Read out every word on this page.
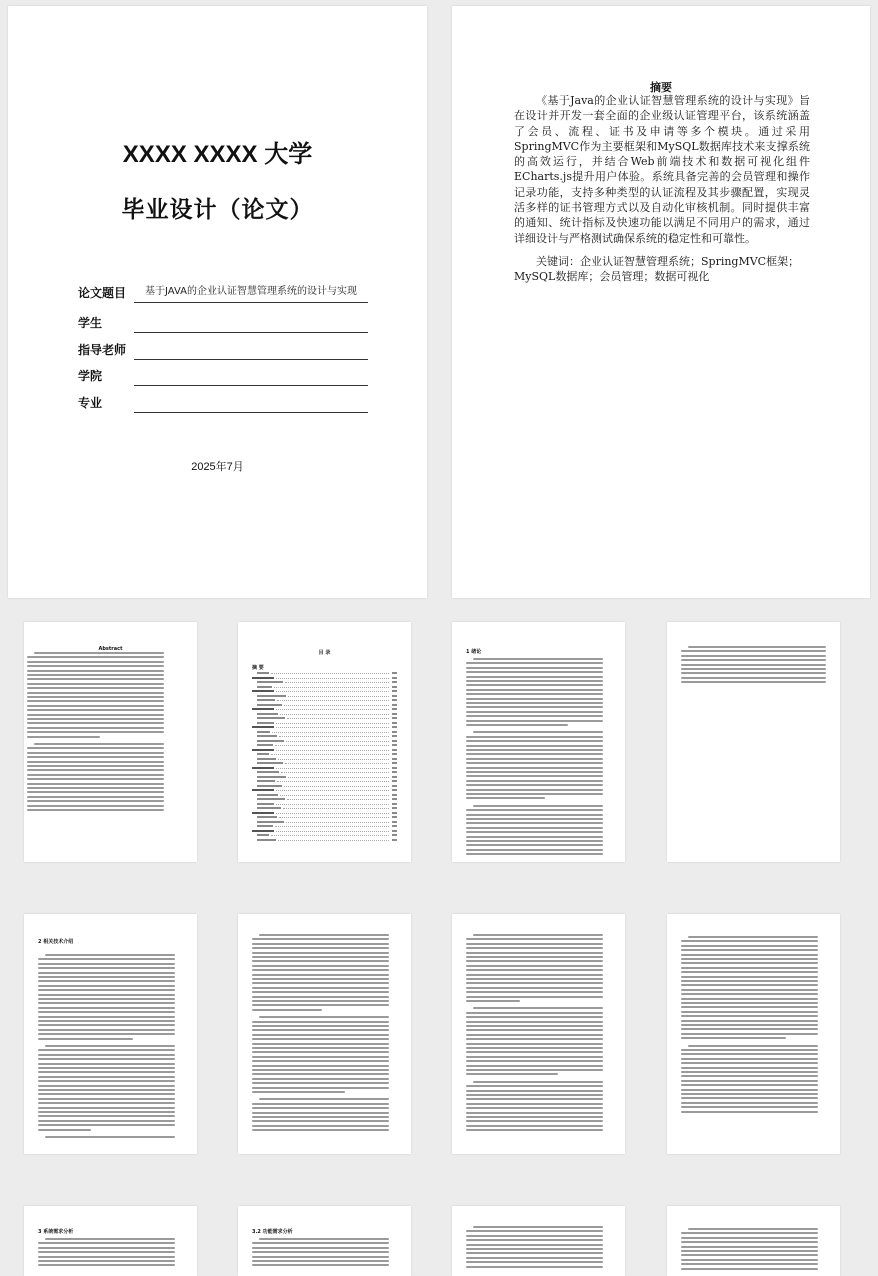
XXXX XXXX 大学
毕业设计（论文）
论文题目	基于JAVA的企业认证智慧管理系统的设计与实现
学生
指导老师
学院
专业
2025年7月
摘要

《基于Java的企业认证智慧管理系统的设计与实现》旨在设计并开发一套全面的企业级认证管理平台，该系统涵盖了会员、流程、证书及申请等多个模块。通过采用SpringMVC作为主要框架和MySQL数据库技术来支撑系统的高效运行，并结合Web前端技术和数据可视化组件ECharts.js提升用户体验。系统具备完善的会员管理和操作记录功能，支持多种类型的认证流程及其步骤配置，实现灵活多样的证书管理方式以及自动化审核机制。同时提供丰富的通知、统计指标及快速功能以满足不同用户的需求，通过详细设计与严格测试确保系统的稳定性和可靠性。

关键词：企业认证智慧管理系统；SpringMVC框架；MySQL数据库；会员管理；数据可视化

Abstract
目 录
摘 要
1 绪论
2 相关技术介绍
3 系统需求分析	3.2 功能需求分析
